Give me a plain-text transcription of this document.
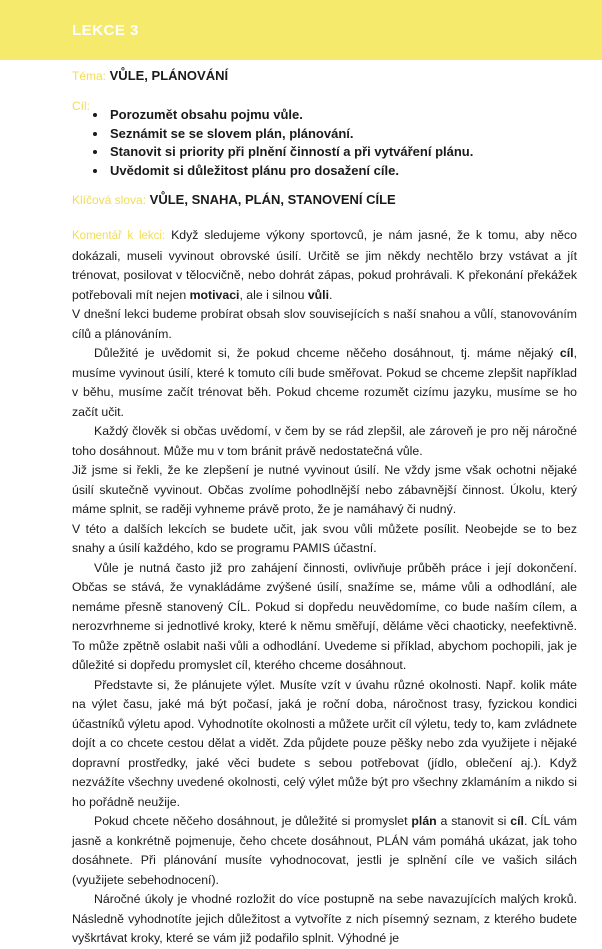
LEKCE 3
Téma: VŮLE, PLÁNOVÁNÍ
Cíl:
• Porozumět obsahu pojmu vůle.
• Seznámit se se slovem plán, plánování.
• Stanovit si priority při plnění činností a při vytváření plánu.
• Uvědomit si důležitost plánu pro dosažení cíle.
Klíčová slova: VŮLE, SNAHA, PLÁN, STANOVENÍ CÍLE

Komentář k lekci: Když sledujeme výkony sportovců, je nám jasné, že k tomu, aby něco dokázali, museli vyvinout obrovské úsilí. Určitě se jim někdy nechtělo brzy vstávat a jít trénovat, posilovat v tělocvičně, nebo dohrát zápas, pokud prohrávali. K překonání překážek potřebovali mít nejen motivaci, ale i silnou vůli.

V dnešní lekci budeme probírat obsah slov souvisejících s naší snahou a vůlí, stanovováním cílů a plánováním.

Důležité je uvědomit si, že pokud chceme něčeho dosáhnout, tj. máme nějaký cíl, musíme vyvinout úsilí, které k tomuto cíli bude směřovat. Pokud se chceme zlepšit například v běhu, musíme začít trénovat běh. Pokud chceme rozumět cizímu jazyku, musíme se ho začít učit.

Každý člověk si občas uvědomí, v čem by se rád zlepšil, ale zároveň je pro něj náročné toho dosáhnout. Může mu v tom bránit právě nedostatečná vůle.

Již jsme si řekli, že ke zlepšení je nutné vyvinout úsilí. Ne vždy jsme však ochotni nějaké úsilí skutečně vyvinout. Občas zvolíme pohodlnější nebo zábavnější činnost. Úkolu, který máme splnit, se raději vyhneme právě proto, že je namáhavý či nudný.

V této a dalších lekcích se budete učit, jak svou vůli můžete posílit. Neobejde se to bez snahy a úsilí každého, kdo se programu PAMIS účastní.

Vůle je nutná často již pro zahájení činnosti, ovlivňuje průběh práce i její dokončení. Občas se stává, že vynakládáme zvýšené úsilí, snažíme se, máme vůli a odhodlání, ale nemáme přesně stanovený CÍL. Pokud si dopředu neuvědomíme, co bude naším cílem, a nerozvrhneme si jednotlivé kroky, které k němu směřují, děláme věci chaoticky, neefektivně. To může zpětně oslabit naši vůli a odhodlání. Uvedeme si příklad, abychom pochopili, jak je důležité si dopředu promyslet cíl, kterého chceme dosáhnout.

Představte si, že plánujete výlet. Musíte vzít v úvahu různé okolnosti. Např. kolik máte na výlet času, jaké má být počasí, jaká je roční doba, náročnost trasy, fyzickou kondici účastníků výletu apod. Vyhodnotíte okolnosti a můžete určit cíl výletu, tedy to, kam zvládnete dojít a co chcete cestou dělat a vidět. Zda půjdete pouze pěšky nebo zda využijete i nějaké dopravní prostředky, jaké věci budete s sebou potřebovat (jídlo, oblečení aj.). Když nezvážíte všechny uvedené okolnosti, celý výlet může být pro všechny zklamáním a nikdo si ho pořádně neužije.

Pokud chcete něčeho dosáhnout, je důležité si promyslet plán a stanovit si cíl. CÍL vám jasně a konkrétně pojmenuje, čeho chcete dosáhnout, PLÁN vám pomáhá ukázat, jak toho dosáhnete. Při plánování musíte vyhodnocovat, jestli je splnění cíle ve vašich silách (využijete sebehodnocení).

Náročné úkoly je vhodné rozložit do více postupně na sebe navazujících malých kroků. Následně vyhodnotíte jejich důležitost a vytvoříte z nich písemný seznam, z kterého budete vyškrtávat kroky, které se vám již podařilo splnit. Výhodné je
